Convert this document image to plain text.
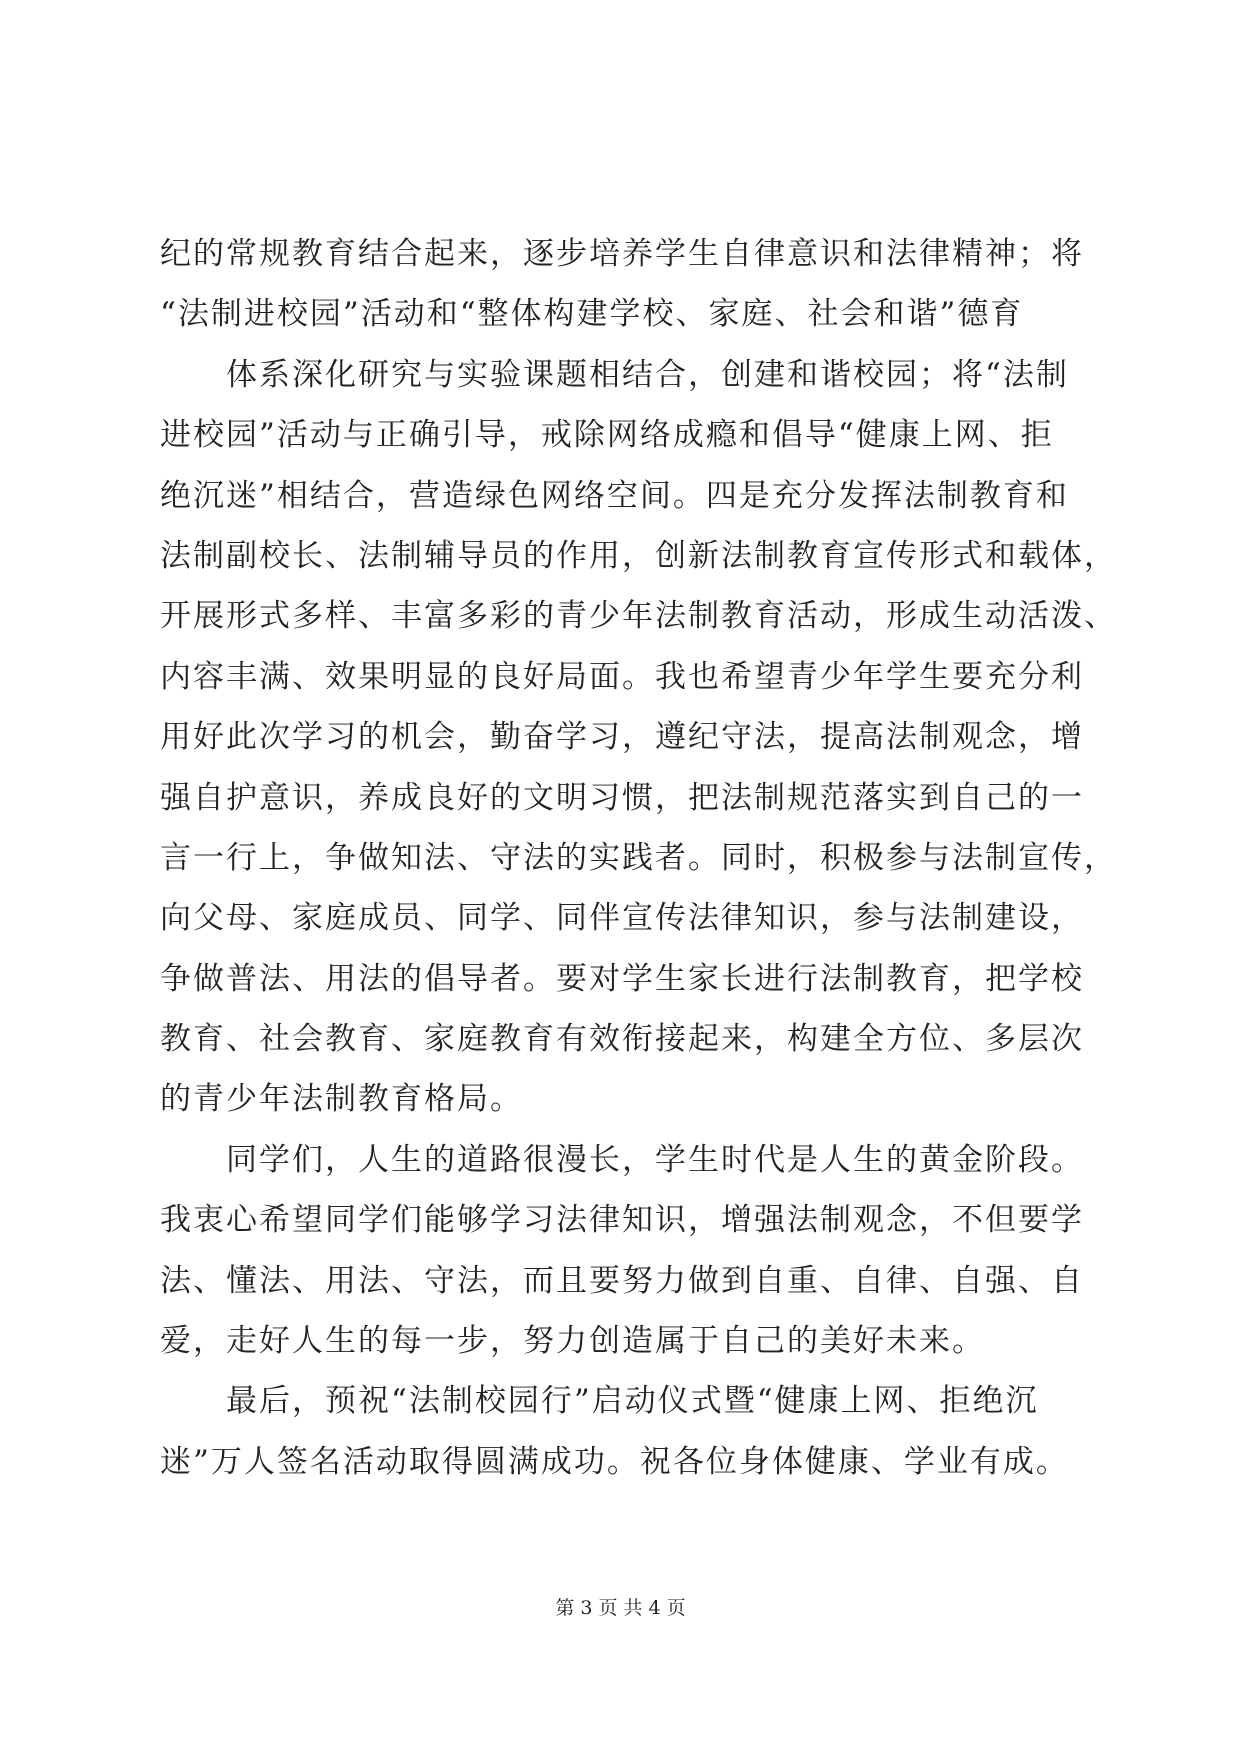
纪的常规教育结合起来，逐步培养学生自律意识和法律精神；将
“法制进校园”活动和“整体构建学校、家庭、社会和谐”德育
体系深化研究与实验课题相结合，创建和谐校园；将“法制
进校园”活动与正确引导，戒除网络成瘾和倡导“健康上网、拒
绝沉迷”相结合，营造绿色网络空间。四是充分发挥法制教育和
法制副校长、法制辅导员的作用，创新法制教育宣传形式和载体，
开展形式多样、丰富多彩的青少年法制教育活动，形成生动活泼、
内容丰满、效果明显的良好局面。我也希望青少年学生要充分利
用好此次学习的机会，勤奋学习，遵纪守法，提高法制观念，增
强自护意识，养成良好的文明习惯，把法制规范落实到自己的一
言一行上，争做知法、守法的实践者。同时，积极参与法制宣传，
向父母、家庭成员、同学、同伴宣传法律知识，参与法制建设，
争做普法、用法的倡导者。要对学生家长进行法制教育，把学校
教育、社会教育、家庭教育有效衔接起来，构建全方位、多层次
的青少年法制教育格局。
同学们，人生的道路很漫长，学生时代是人生的黄金阶段。
我衷心希望同学们能够学习法律知识，增强法制观念，不但要学
法、懂法、用法、守法，而且要努力做到自重、自律、自强、自
爱，走好人生的每一步，努力创造属于自己的美好未来。
最后，预祝“法制校园行”启动仪式暨“健康上网、拒绝沉
迷”万人签名活动取得圆满成功。祝各位身体健康、学业有成。
第 3 页 共 4 页
